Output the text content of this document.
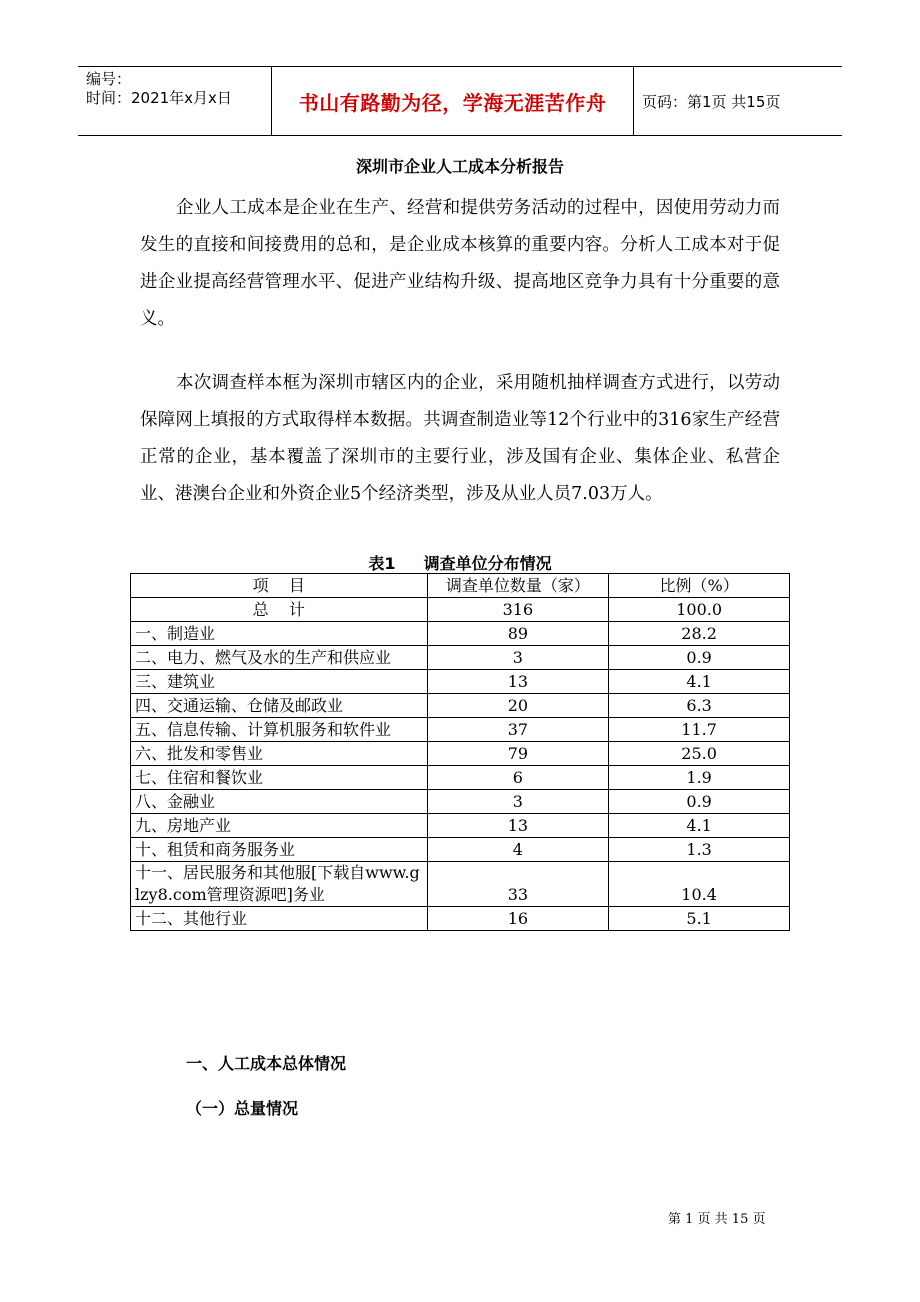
编号：
时间：2021年x月x日	书山有路勤为径，学海无涯苦作舟	页码：第1页 共15页
深圳市企业人工成本分析报告
企业人工成本是企业在生产、经营和提供劳务活动的过程中，因使用劳动力而发生的直接和间接费用的总和，是企业成本核算的重要内容。分析人工成本对于促进企业提高经营管理水平、促进产业结构升级、提高地区竞争力具有十分重要的意义。
本次调查样本框为深圳市辖区内的企业，采用随机抽样调查方式进行，以劳动保障网上填报的方式取得样本数据。共调查制造业等12个行业中的316家生产经营正常的企业，基本覆盖了深圳市的主要行业，涉及国有企业、集体企业、私营企业、港澳台企业和外资企业5个经济类型，涉及从业人员7.03万人。
表1 调查单位分布情况
项    目	调查单位数量（家）	比例（%）
总    计	316	100.0
一、制造业	89	28.2
二、电力、燃气及水的生产和供应业	3	0.9
三、建筑业	13	4.1
四、交通运输、仓储及邮政业	20	6.3
五、信息传输、计算机服务和软件业	37	11.7
六、批发和零售业	79	25.0
七、住宿和餐饮业	6	1.9
八、金融业	3	0.9
九、房地产业	13	4.1
十、租赁和商务服务业	4	1.3
十一、居民服务和其他服[下载自www.glzy8.com管理资源吧]务业	33	10.4
十二、其他行业	16	5.1
一、人工成本总体情况
（一）总量情况
第 1 页 共 15 页
